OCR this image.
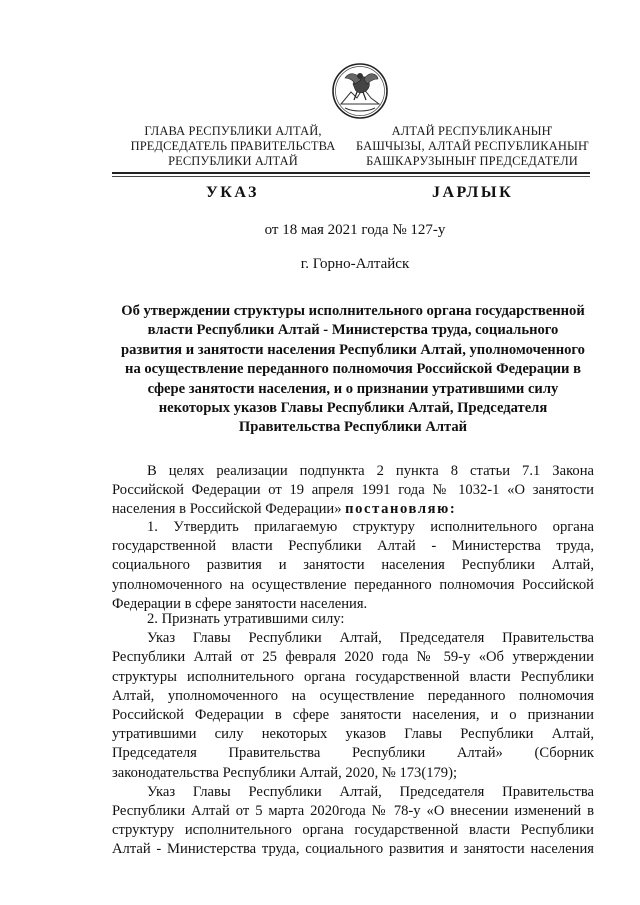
ГЛАВА РЕСПУБЛИКИ АЛТАЙ,
ПРЕДСЕДАТЕЛЬ ПРАВИТЕЛЬСТВА
РЕСПУБЛИКИ АЛТАЙ
АЛТАЙ РЕСПУБЛИКАНЫҤ
БАШЧЫЗЫ, АЛТАЙ РЕСПУБЛИКАНЫҤ
БАШКАРУЗЫНЫҤ ПРЕДСЕДАТЕЛИ
УКАЗ	ЈАРЛЫК
от 18 мая 2021 года № 127-у
г. Горно-Алтайск
Об утверждении структуры исполнительного органа государственной
власти Республики Алтай - Министерства труда, социального
развития и занятости населения Республики Алтай, уполномоченного
на осуществление переданного полномочия Российской Федерации в
сфере занятости населения, и о признании утратившими силу
некоторых указов Главы Республики Алтай, Председателя
Правительства Республики Алтай
В целях реализации подпункта 2 пункта 8 статьи 7.1 Закона
Российской Федерации от 19 апреля 1991 года № 1032-1 «О занятости
населения в Российской Федерации» постановляю:
1. Утвердить прилагаемую структуру исполнительного органа
государственной власти Республики Алтай - Министерства труда,
социального развития и занятости населения Республики Алтай,
уполномоченного на осуществление переданного полномочия Российской
Федерации в сфере занятости населения.
2. Признать утратившими силу:
Указ Главы Республики Алтай, Председателя Правительства
Республики Алтай от 25 февраля 2020 года № 59-у «Об утверждении
структуры исполнительного органа государственной власти Республики
Алтай, уполномоченного на осуществление переданного полномочия
Российской Федерации в сфере занятости населения, и о признании
утратившими силу некоторых указов Главы Республики Алтай,
Председателя Правительства Республики Алтай» (Сборник
законодательства Республики Алтай, 2020, № 173(179);
Указ Главы Республики Алтай, Председателя Правительства
Республики Алтай от 5 марта 2020года № 78-у «О внесении изменений в
структуру исполнительного органа государственной власти Республики
Алтай - Министерства труда, социального развития и занятости населения
